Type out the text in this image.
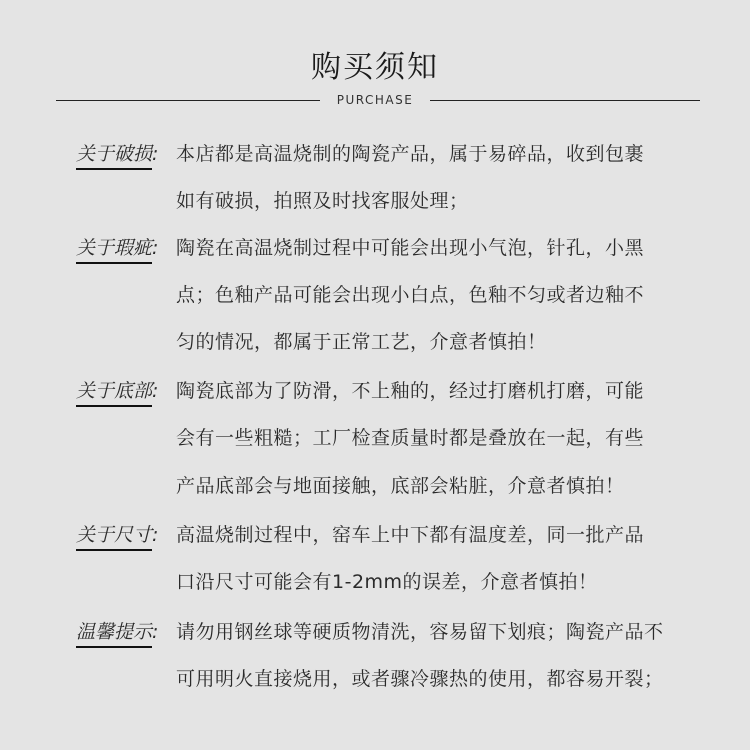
购买须知
PURCHASE
关于破损: 本店都是高温烧制的陶瓷产品，属于易碎品，收到包裹
如有破损，拍照及时找客服处理；
关于瑕疵: 陶瓷在高温烧制过程中可能会出现小气泡，针孔，小黑
点；色釉产品可能会出现小白点，色釉不匀或者边釉不
匀的情况，都属于正常工艺，介意者慎拍！
关于底部: 陶瓷底部为了防滑，不上釉的，经过打磨机打磨，可能
会有一些粗糙；工厂检查质量时都是叠放在一起，有些
产品底部会与地面接触，底部会粘脏，介意者慎拍！
关于尺寸: 高温烧制过程中，窑车上中下都有温度差，同一批产品
口沿尺寸可能会有1-2mm的误差，介意者慎拍！
温馨提示: 请勿用钢丝球等硬质物清洗，容易留下划痕；陶瓷产品不
可用明火直接烧用，或者骤冷骤热的使用，都容易开裂；
